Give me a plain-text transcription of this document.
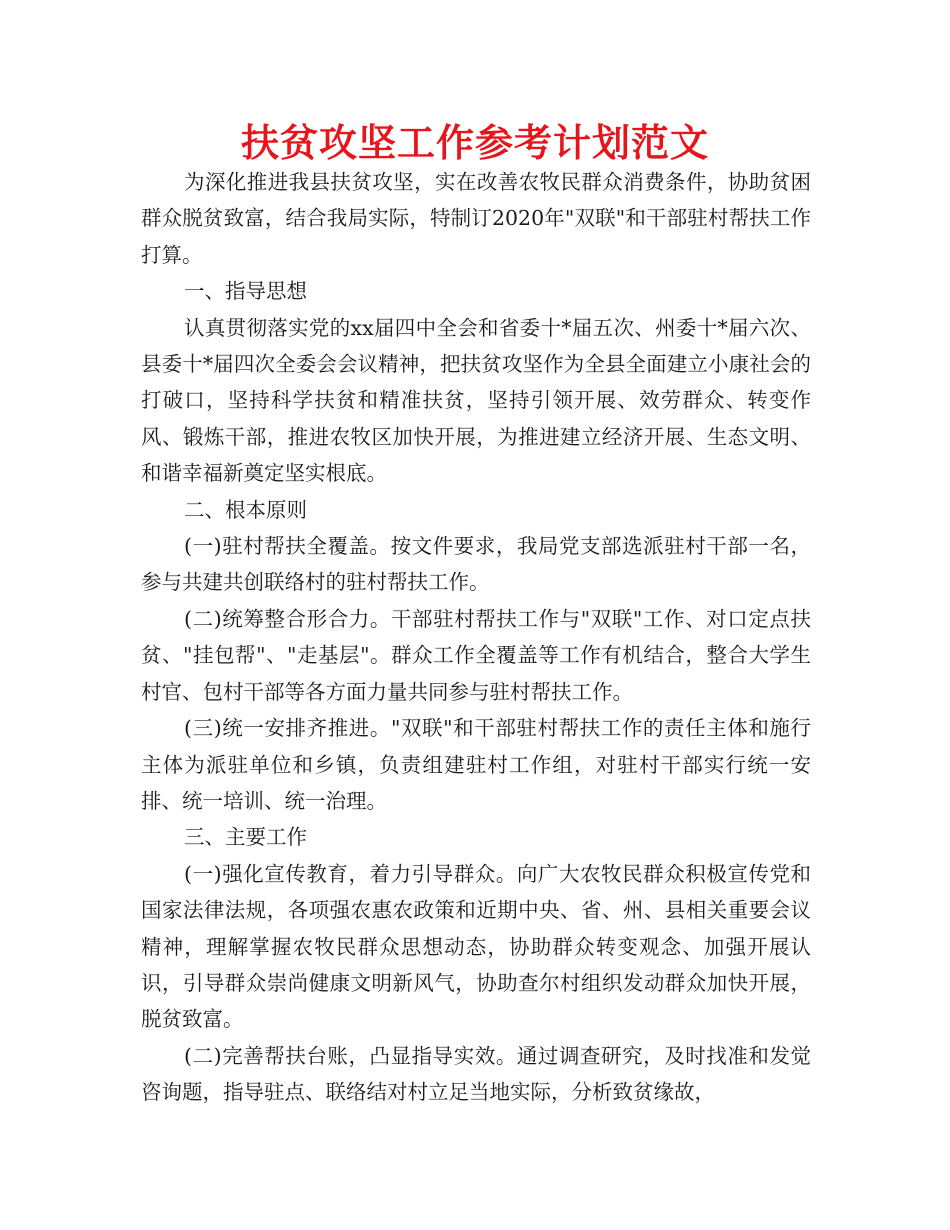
扶贫攻坚工作参考计划范文

为深化推进我县扶贫攻坚，实在改善农牧民群众消费条件，协助贫困群众脱贫致富，结合我局实际，特制订2020年"双联"和干部驻村帮扶工作打算。

一、指导思想

认真贯彻落实党的xx届四中全会和省委十*届五次、州委十*届六次、县委十*届四次全委会会议精神，把扶贫攻坚作为全县全面建立小康社会的打破口，坚持科学扶贫和精准扶贫，坚持引领开展、效劳群众、转变作风、锻炼干部，推进农牧区加快开展，为推进建立经济开展、生态文明、和谐幸福新奠定坚实根底。

二、根本原则

(一)驻村帮扶全覆盖。按文件要求，我局党支部选派驻村干部一名，参与共建共创联络村的驻村帮扶工作。

(二)统筹整合形合力。干部驻村帮扶工作与"双联"工作、对口定点扶贫、"挂包帮"、"走基层"。群众工作全覆盖等工作有机结合，整合大学生村官、包村干部等各方面力量共同参与驻村帮扶工作。

(三)统一安排齐推进。"双联"和干部驻村帮扶工作的责任主体和施行主体为派驻单位和乡镇，负责组建驻村工作组，对驻村干部实行统一安排、统一培训、统一治理。

三、主要工作

(一)强化宣传教育，着力引导群众。向广大农牧民群众积极宣传党和国家法律法规，各项强农惠农政策和近期中央、省、州、县相关重要会议精神，理解掌握农牧民群众思想动态，协助群众转变观念、加强开展认识，引导群众崇尚健康文明新风气，协助查尔村组织发动群众加快开展，脱贫致富。

(二)完善帮扶台账，凸显指导实效。通过调查研究，及时找准和发觉咨询题，指导驻点、联络结对村立足当地实际，分析致贫缘故，
